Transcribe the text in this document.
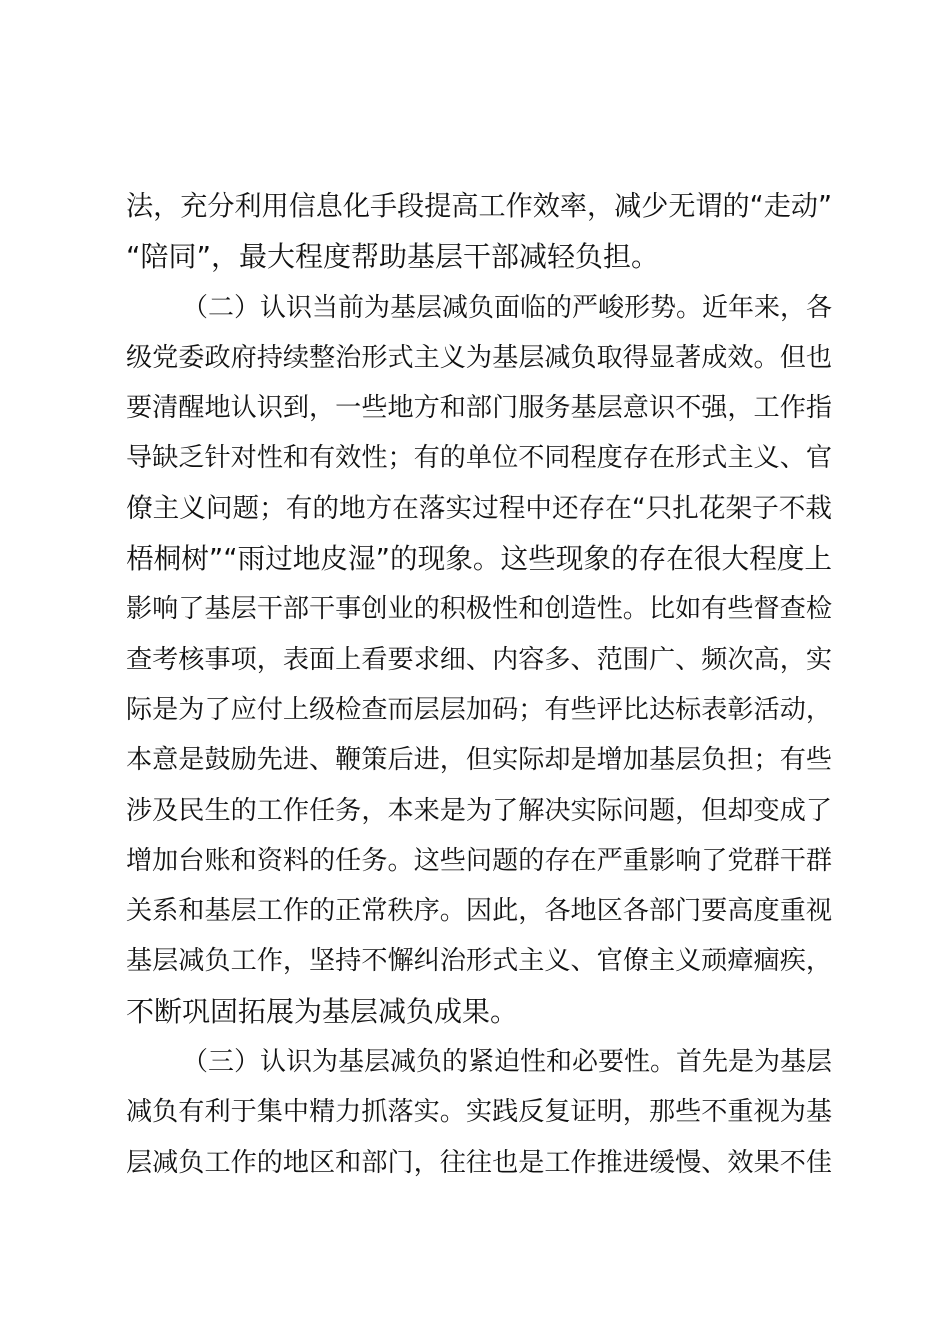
法，充分利用信息化手段提高工作效率，减少无谓的“走动”
“陪同”，最大程度帮助基层干部减轻负担。
（二）认识当前为基层减负面临的严峻形势。近年来，各
级党委政府持续整治形式主义为基层减负取得显著成效。但也
要清醒地认识到，一些地方和部门服务基层意识不强，工作指
导缺乏针对性和有效性；有的单位不同程度存在形式主义、官
僚主义问题；有的地方在落实过程中还存在“只扎花架子不栽
梧桐树”“雨过地皮湿”的现象。这些现象的存在很大程度上
影响了基层干部干事创业的积极性和创造性。比如有些督查检
查考核事项，表面上看要求细、内容多、范围广、频次高，实
际是为了应付上级检查而层层加码；有些评比达标表彰活动，
本意是鼓励先进、鞭策后进，但实际却是增加基层负担；有些
涉及民生的工作任务，本来是为了解决实际问题，但却变成了
增加台账和资料的任务。这些问题的存在严重影响了党群干群
关系和基层工作的正常秩序。因此，各地区各部门要高度重视
基层减负工作，坚持不懈纠治形式主义、官僚主义顽瘴痼疾，
不断巩固拓展为基层减负成果。
（三）认识为基层减负的紧迫性和必要性。首先是为基层
减负有利于集中精力抓落实。实践反复证明，那些不重视为基
层减负工作的地区和部门，往往也是工作推进缓慢、效果不佳
